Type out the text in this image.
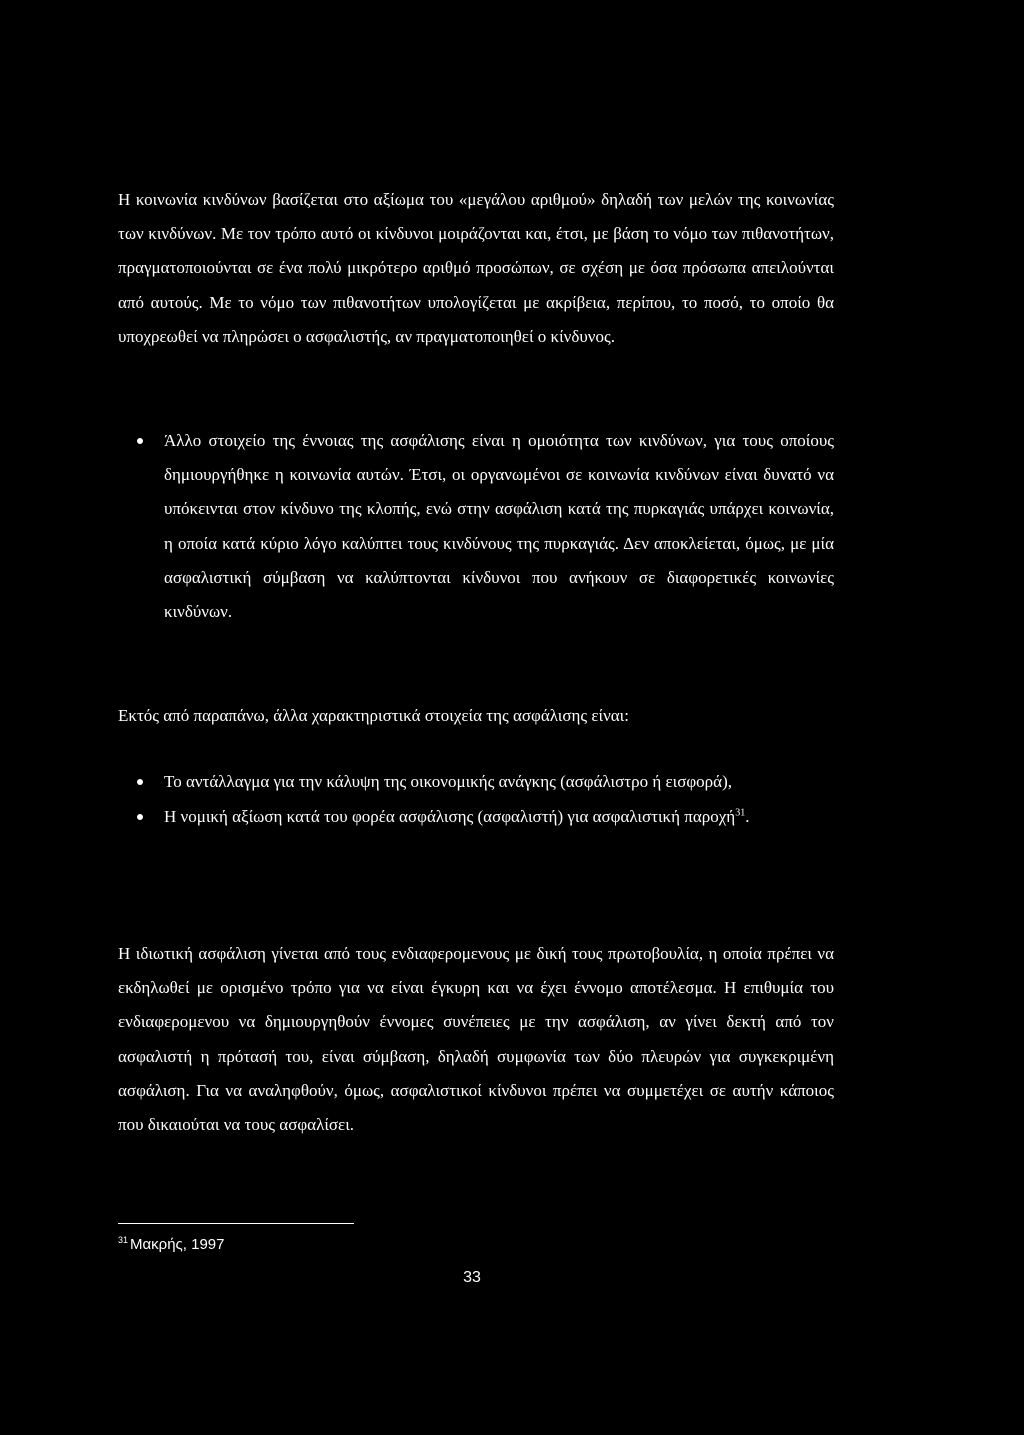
Η κοινωνία κινδύνων βασίζεται στο αξίωμα του «μεγάλου αριθμού» δηλαδή των μελών της κοινωνίας των κινδύνων. Με τον τρόπο αυτό οι κίνδυνοι μοιράζονται και, έτσι, με βάση το νόμο των πιθανοτήτων, πραγματοποιούνται σε ένα πολύ μικρότερο αριθμό προσώπων, σε σχέση με όσα πρόσωπα απειλούνται από αυτούς. Με το νόμο των πιθανοτήτων υπολογίζεται με ακρίβεια, περίπου, το ποσό, το οποίο θα υποχρεωθεί να πληρώσει ο ασφαλιστής, αν πραγματοποιηθεί ο κίνδυνος.

Άλλο στοιχείο της έννοιας της ασφάλισης είναι η ομοιότητα των κινδύνων, για τους οποίους δημιουργήθηκε η κοινωνία αυτών. Έτσι, οι οργανωμένοι σε κοινωνία κινδύνων είναι δυνατό να υπόκεινται στον κίνδυνο της κλοπής, ενώ στην ασφάλιση κατά της πυρκαγιάς υπάρχει κοινωνία, η οποία κατά κύριο λόγο καλύπτει τους κινδύνους της πυρκαγιάς. Δεν αποκλείεται, όμως, με μία ασφαλιστική σύμβαση να καλύπτονται κίνδυνοι που ανήκουν σε διαφορετικές κοινωνίες κινδύνων.

Εκτός από παραπάνω, άλλα χαρακτηριστικά στοιχεία της ασφάλισης είναι:

Το αντάλλαγμα για την κάλυψη της οικονομικής ανάγκης (ασφάλιστρο ή εισφορά),
Η νομική αξίωση κατά του φορέα ασφάλισης (ασφαλιστή) για ασφαλιστική παροχή$^{31}$.

Η ιδιωτική ασφάλιση γίνεται από τους ενδιαφερομενους με δική τους πρωτοβουλία, η οποία πρέπει να εκδηλωθεί με ορισμένο τρόπο για να είναι έγκυρη και να έχει έννομο αποτέλεσμα. Η επιθυμία του ενδιαφερομενου να δημιουργηθούν έννομες συνέπειες με την ασφάλιση, αν γίνει δεκτή από τον ασφαλιστή η πρότασή του, είναι σύμβαση, δηλαδή συμφωνία των δύο πλευρών για συγκεκριμένη ασφάλιση. Για να αναληφθούν, όμως, ασφαλιστικοί κίνδυνοι πρέπει να συμμετέχει σε αυτήν κάποιος που δικαιούται να τους ασφαλίσει.

$^{31}$ Μακρής, 1997
33
